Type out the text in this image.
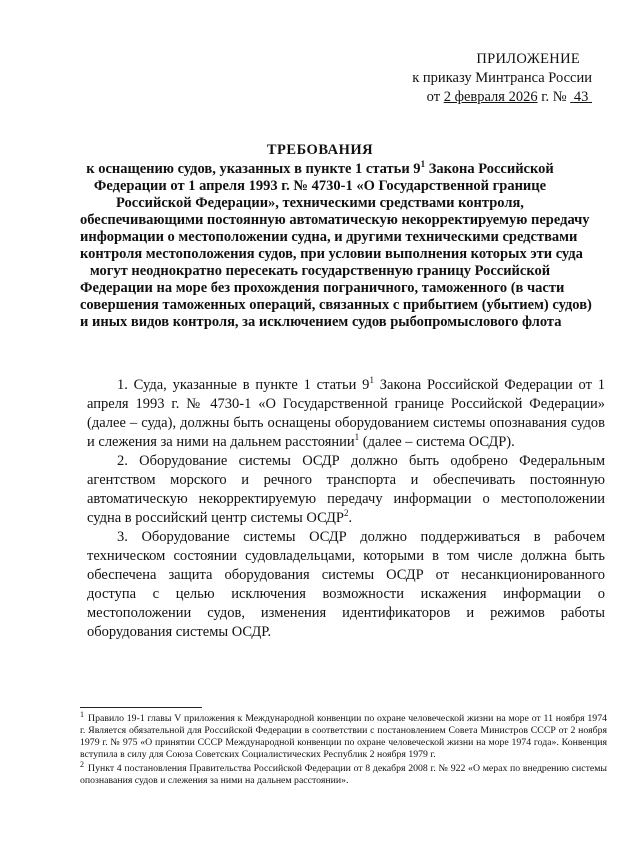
ПРИЛОЖЕНИЕ
к приказу Минтранса России
от 2 февраля 2026 г. № 43
ТРЕБОВАНИЯ
к оснащению судов, указанных в пункте 1 статьи $9^1$ Закона Российской
Федерации от 1 апреля 1993 г. № 4730-1 «О Государственной границе
Российской Федерации», техническими средствами контроля,
обеспечивающими постоянную автоматическую некорректируемую передачу
информации о местоположении судна, и другими техническими средствами
контроля местоположения судов, при условии выполнения которых эти суда
могут неоднократно пересекать государственную границу Российской
Федерации на море без прохождения пограничного, таможенного (в части
совершения таможенных операций, связанных с прибытием (убытием) судов)
и иных видов контроля, за исключением судов рыбопромыслового флота

1. Суда, указанные в пункте 1 статьи $9^1$ Закона Российской Федерации от 1 апреля 1993 г. № 4730-1 «О Государственной границе Российской Федерации» (далее – суда), должны быть оснащены оборудованием системы опознавания судов и слежения за ними на дальнем расстоянии$^1$ (далее – система ОСДР).

2. Оборудование системы ОСДР должно быть одобрено Федеральным агентством морского и речного транспорта и обеспечивать постоянную автоматическую некорректируемую передачу информации о местоположении судна в российский центр системы ОСДР$^2$.

3. Оборудование системы ОСДР должно поддерживаться в рабочем техническом состоянии судовладельцами, которыми в том числе должна быть обеспечена защита оборудования системы ОСДР от несанкционированного доступа с целью исключения возможности искажения информации о местоположении судов, изменения идентификаторов и режимов работы оборудования системы ОСДР.

$^1$ Правило 19-1 главы V приложения к Международной конвенции по охране человеческой жизни на море от 11 ноября 1974 г. Является обязательной для Российской Федерации в соответствии с постановлением Совета Министров СССР от 2 ноября 1979 г. № 975 «О принятии СССР Международной конвенции по охране человеческой жизни на море 1974 года». Конвенция вступила в силу для Союза Советских Социалистических Республик 2 ноября 1979 г.

$^2$ Пункт 4 постановления Правительства Российской Федерации от 8 декабря 2008 г. № 922 «О мерах по внедрению системы опознавания судов и слежения за ними на дальнем расстоянии».
